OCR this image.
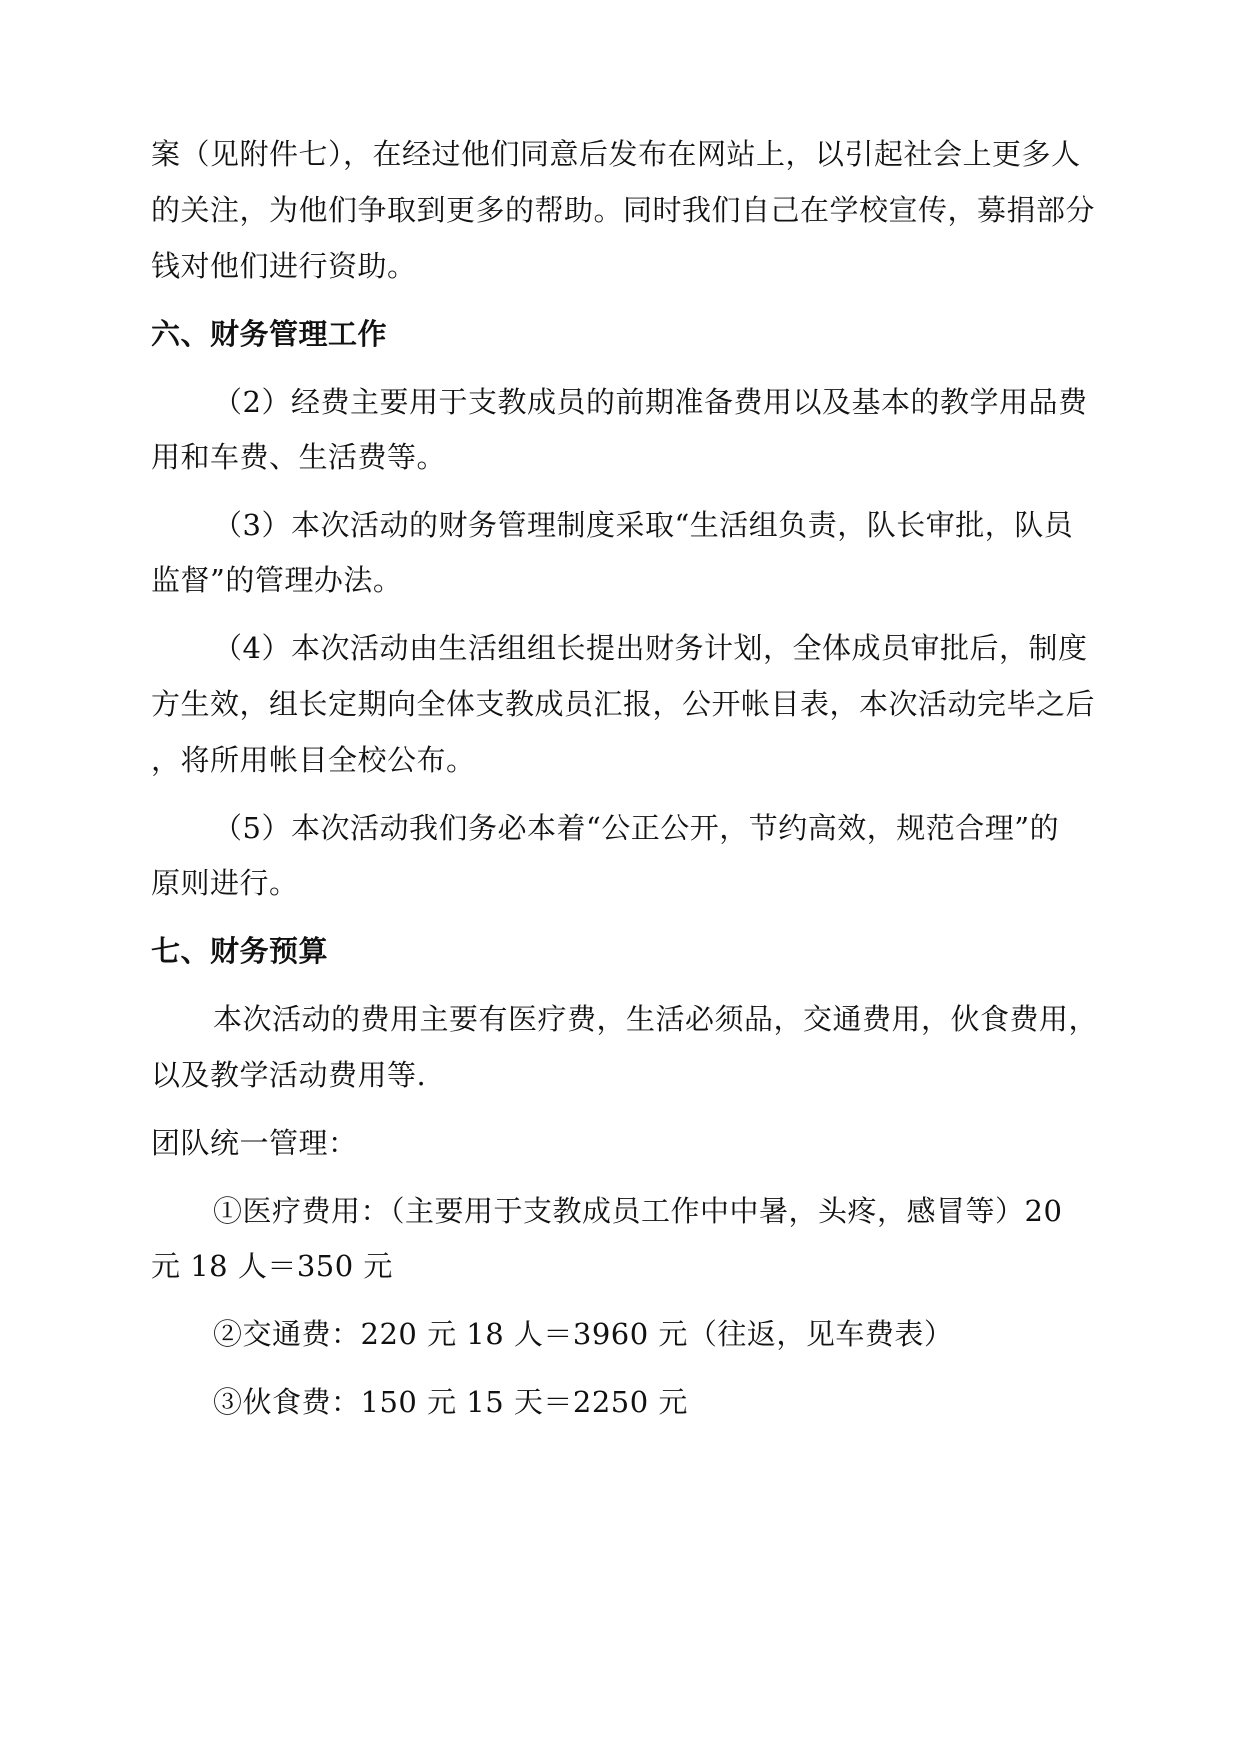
案（见附件七），在经过他们同意后发布在网站上，以引起社会上更多人
的关注，为他们争取到更多的帮助。同时我们自己在学校宣传，募捐部分
钱对他们进行资助。
六、财务管理工作
（2）经费主要用于支教成员的前期准备费用以及基本的教学用品费
用和车费、生活费等。
（3）本次活动的财务管理制度采取“生活组负责，队长审批，队员
监督”的管理办法。
（4）本次活动由生活组组长提出财务计划，全体成员审批后，制度
方生效，组长定期向全体支教成员汇报，公开帐目表，本次活动完毕之后
，将所用帐目全校公布。
（5）本次活动我们务必本着“公正公开，节约高效，规范合理”的
原则进行。
七、财务预算
本次活动的费用主要有医疗费，生活必须品，交通费用，伙食费用，
以及教学活动费用等.
团队统一管理：
①医疗费用：（主要用于支教成员工作中中暑，头疼，感冒等）20
元 18 人＝350 元
②交通费：220 元 18 人＝3960 元（往返，见车费表）
③伙食费：150 元 15 天＝2250 元
